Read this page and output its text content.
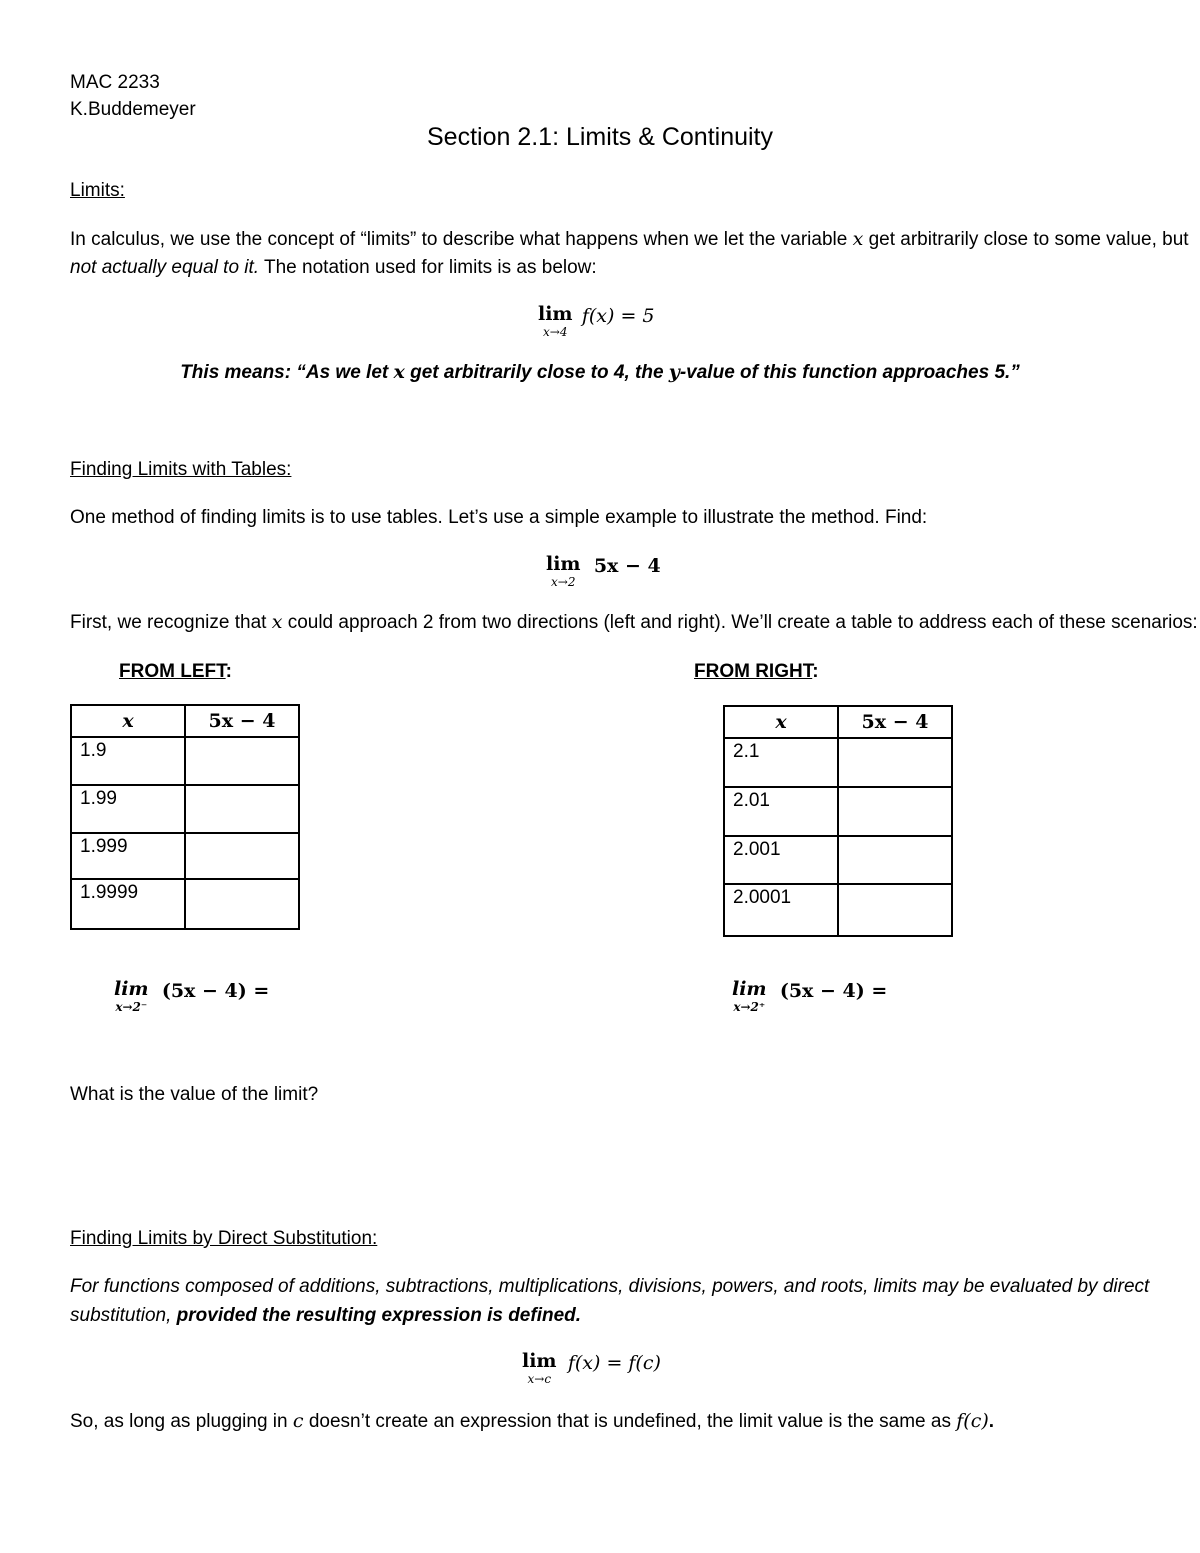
MAC 2233
K.Buddemeyer
Section 2.1: Limits & Continuity
Limits:
In calculus, we use the concept of “limits” to describe what happens when we let the variable x get arbitrarily close to some value, but
not actually equal to it. The notation used for limits is as below:
lim
x→4
f(x) = 5
This means: “As we let x get arbitrarily close to 4, the y-value of this function approaches 5.”
Finding Limits with Tables:
One method of finding limits is to use tables. Let’s use a simple example to illustrate the method. Find:
lim
x→2
5x − 4
First, we recognize that x could approach 2 from two directions (left and right). We’ll create a table to address each of these scenarios:
FROM LEFT:	FROM RIGHT:
x	5x − 4
1.9	
1.99	
1.999	
1.9999	
x	5x − 4
2.1	
2.01	
2.001	
2.0001	
lim
x→2⁻
(5x − 4) =	lim
x→2⁺
(5x − 4) =
What is the value of the limit?
Finding Limits by Direct Substitution:
For functions composed of additions, subtractions, multiplications, divisions, powers, and roots, limits may be evaluated by direct
substitution, provided the resulting expression is defined.
lim
x→c
f(x) = f(c)
So, as long as plugging in c doesn’t create an expression that is undefined, the limit value is the same as f(c).
